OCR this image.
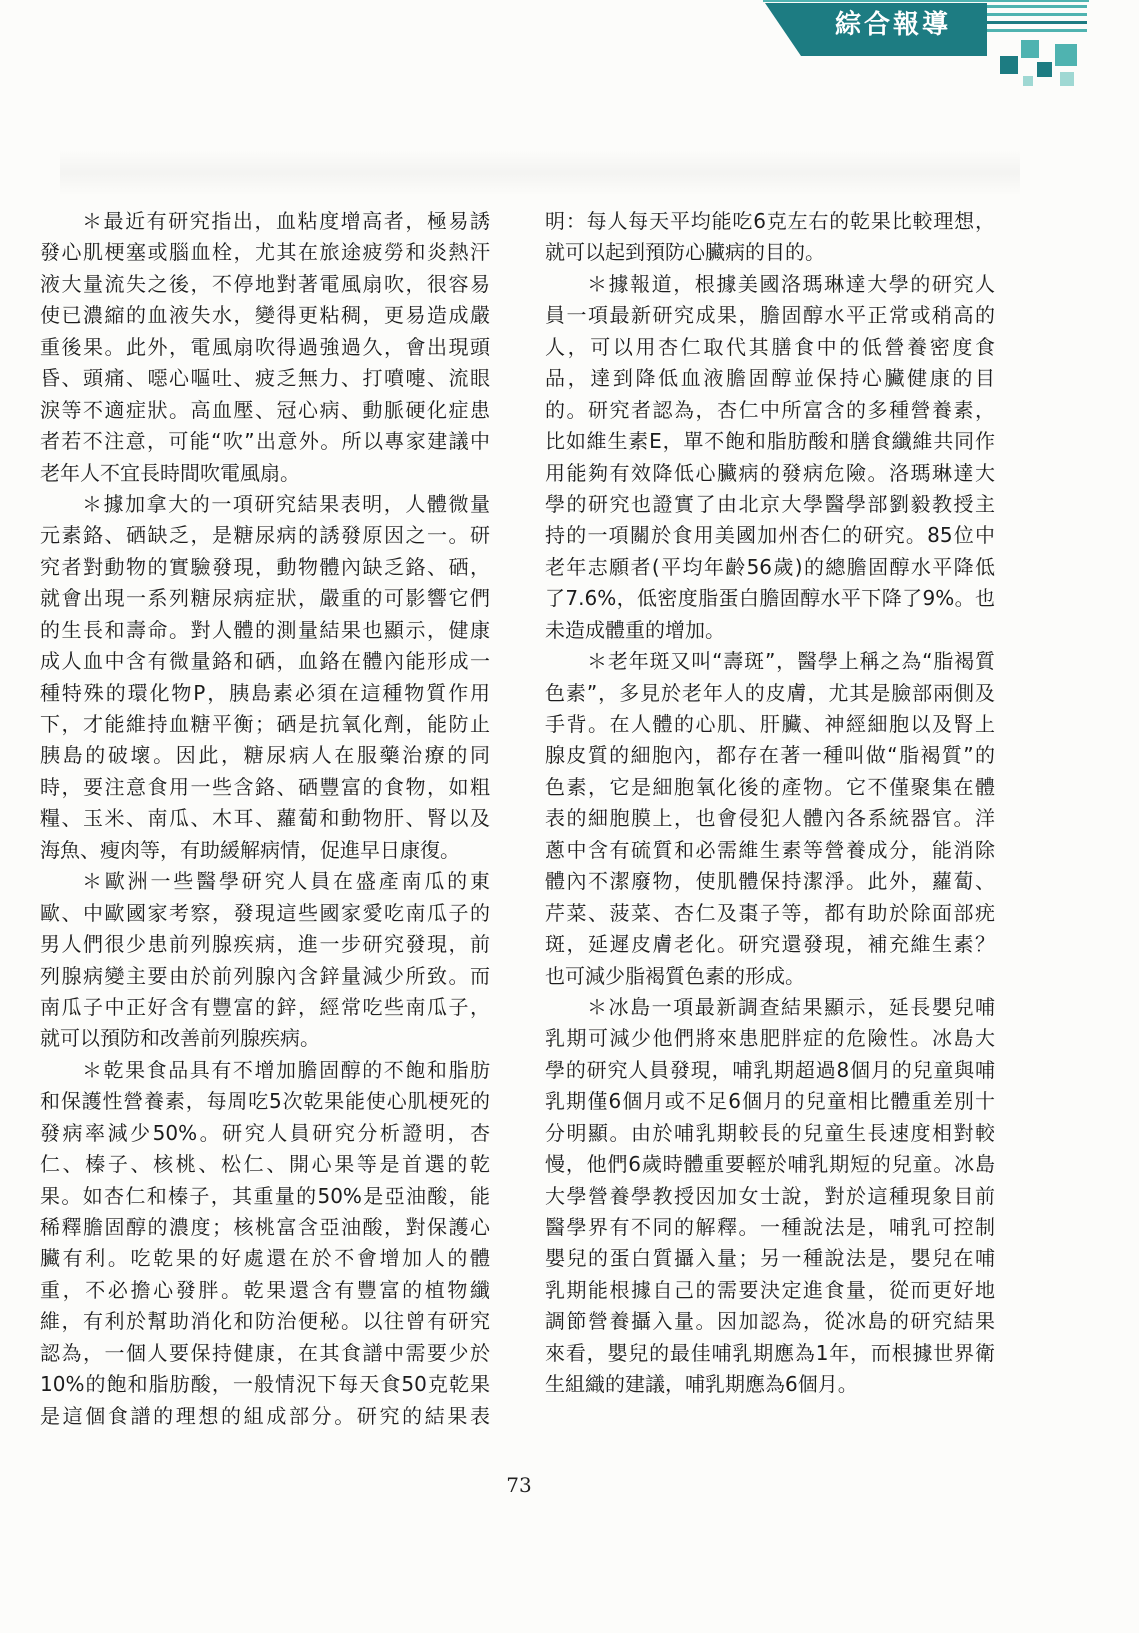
綜合報導
＊最近有研究指出，血粘度增高者，極易誘
發心肌梗塞或腦血栓，尤其在旅途疲勞和炎熱汗
液大量流失之後，不停地對著電風扇吹，很容易
使已濃縮的血液失水，變得更粘稠，更易造成嚴
重後果。此外，電風扇吹得過強過久，會出現頭
昏、頭痛、噁心嘔吐、疲乏無力、打噴嚏、流眼
淚等不適症狀。高血壓、冠心病、動脈硬化症患
者若不注意，可能“吹”出意外。所以專家建議中
老年人不宜長時間吹電風扇。
＊據加拿大的一項研究結果表明，人體微量
元素鉻、硒缺乏，是糖尿病的誘發原因之一。研
究者對動物的實驗發現，動物體內缺乏鉻、硒，
就會出現一系列糖尿病症狀，嚴重的可影響它們
的生長和壽命。對人體的測量結果也顯示，健康
成人血中含有微量鉻和硒，血鉻在體內能形成一
種特殊的環化物P，胰島素必須在這種物質作用
下，才能維持血糖平衡；硒是抗氧化劑，能防止
胰島的破壞。因此，糖尿病人在服藥治療的同
時，要注意食用一些含鉻、硒豐富的食物，如粗
糧、玉米、南瓜、木耳、蘿蔔和動物肝、腎以及
海魚、瘦肉等，有助緩解病情，促進早日康復。
＊歐洲一些醫學研究人員在盛產南瓜的東
歐、中歐國家考察，發現這些國家愛吃南瓜子的
男人們很少患前列腺疾病，進一步研究發現，前
列腺病變主要由於前列腺內含鋅量減少所致。而
南瓜子中正好含有豐富的鋅，經常吃些南瓜子，
就可以預防和改善前列腺疾病。
＊乾果食品具有不增加膽固醇的不飽和脂肪
和保護性營養素，每周吃5次乾果能使心肌梗死的
發病率減少50%。研究人員研究分析證明，杏
仁、榛子、核桃、松仁、開心果等是首選的乾
果。如杏仁和榛子，其重量的50%是亞油酸，能
稀釋膽固醇的濃度；核桃富含亞油酸，對保護心
臟有利。吃乾果的好處還在於不會增加人的體
重，不必擔心發胖。乾果還含有豐富的植物纖
維，有利於幫助消化和防治便秘。以往曾有研究
認為，一個人要保持健康，在其食譜中需要少於
10%的飽和脂肪酸，一般情況下每天食50克乾果
是這個食譜的理想的組成部分。研究的結果表
明：每人每天平均能吃6克左右的乾果比較理想，
就可以起到預防心臟病的目的。
＊據報道，根據美國洛瑪琳達大學的研究人
員一項最新研究成果，膽固醇水平正常或稍高的
人，可以用杏仁取代其膳食中的低營養密度食
品，達到降低血液膽固醇並保持心臟健康的目
的。研究者認為，杏仁中所富含的多種營養素，
比如維生素E，單不飽和脂肪酸和膳食纖維共同作
用能夠有效降低心臟病的發病危險。洛瑪琳達大
學的研究也證實了由北京大學醫學部劉毅教授主
持的一項關於食用美國加州杏仁的研究。85位中
老年志願者(平均年齡56歲)的總膽固醇水平降低
了7.6%，低密度脂蛋白膽固醇水平下降了9%。也
未造成體重的增加。
＊老年斑又叫“壽斑”，醫學上稱之為“脂褐質
色素”，多見於老年人的皮膚，尤其是臉部兩側及
手背。在人體的心肌、肝臟、神經細胞以及腎上
腺皮質的細胞內，都存在著一種叫做“脂褐質”的
色素，它是細胞氧化後的產物。它不僅聚集在體
表的細胞膜上，也會侵犯人體內各系統器官。洋
蔥中含有硫質和必需維生素等營養成分，能消除
體內不潔廢物，使肌體保持潔淨。此外，蘿蔔、
芹菜、菠菜、杏仁及棗子等，都有助於除面部疣
斑，延遲皮膚老化。研究還發現，補充維生素？
也可減少脂褐質色素的形成。
＊冰島一項最新調查結果顯示，延長嬰兒哺
乳期可減少他們將來患肥胖症的危險性。冰島大
學的研究人員發現，哺乳期超過8個月的兒童與哺
乳期僅6個月或不足6個月的兒童相比體重差別十
分明顯。由於哺乳期較長的兒童生長速度相對較
慢，他們6歲時體重要輕於哺乳期短的兒童。冰島
大學營養學教授因加女士說，對於這種現象目前
醫學界有不同的解釋。一種說法是，哺乳可控制
嬰兒的蛋白質攝入量；另一種說法是，嬰兒在哺
乳期能根據自己的需要決定進食量，從而更好地
調節營養攝入量。因加認為，從冰島的研究結果
來看，嬰兒的最佳哺乳期應為1年，而根據世界衛
生組織的建議，哺乳期應為6個月。
73
